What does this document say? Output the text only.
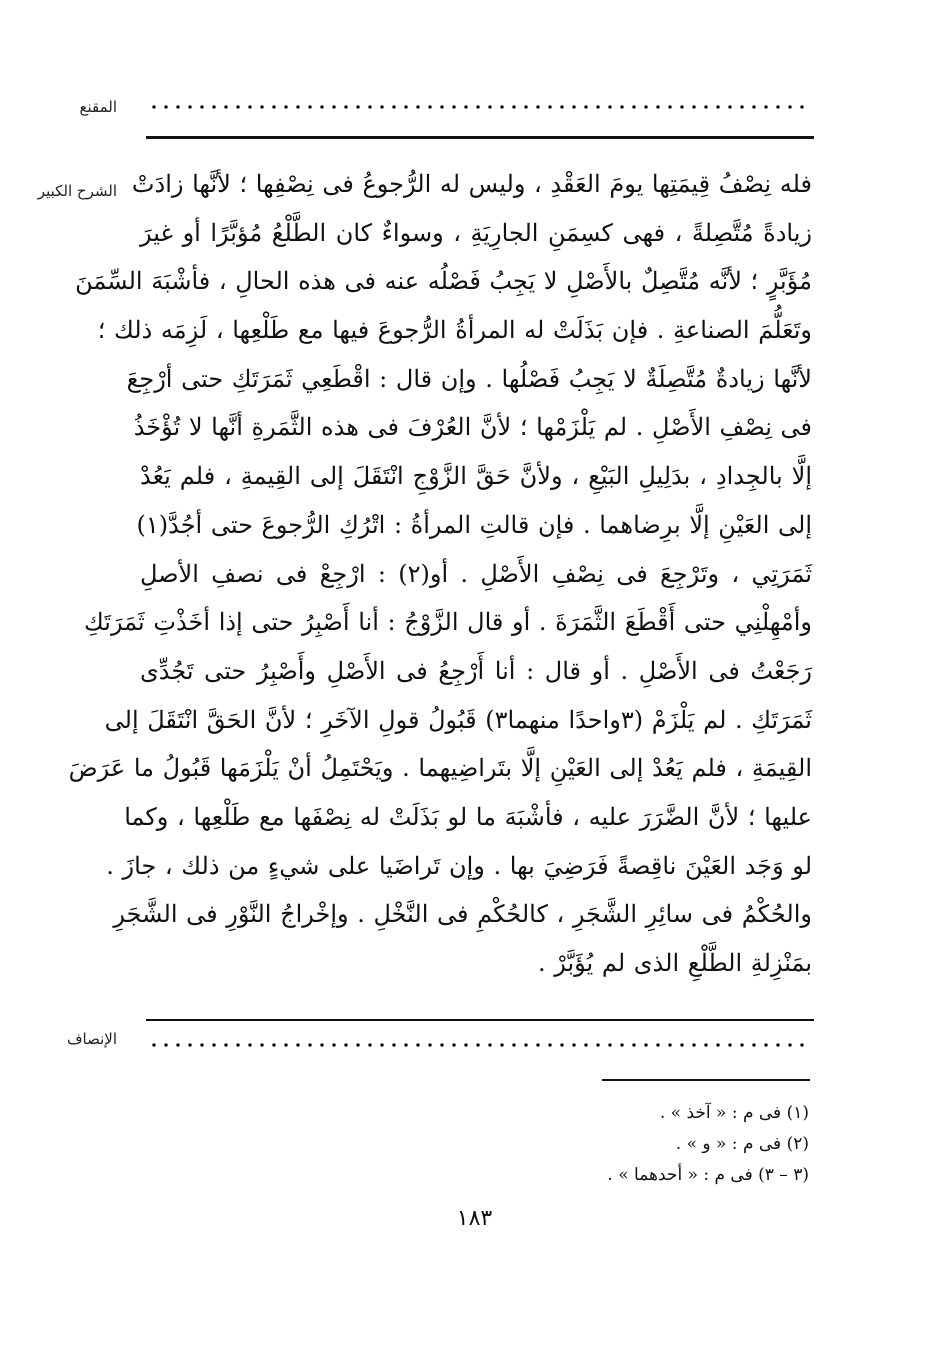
المقنع
الشرح الكبير فله نِصْفُ قِيمَتِها يومَ العَقْدِ ، وليس له الرُّجوعُ فى نِصْفِها ؛ لأنَّها زادَتْ
زيادةً مُتَّصِلةً ، فهى كسِمَنِ الجارِيَةِ ، وسواءٌ كان الطَّلْعُ مُؤبَّرًا أو غيرَ
مُؤَبَّرٍ ؛ لأنَّه مُتَّصِلٌ بالأَصْلِ لا يَجِبُ فَصْلُه عنه فى هذه الحالِ ، فأشْبَهَ السِّمَنَ
وتَعَلُّمَ الصناعةِ . فإن بَذَلَتْ له المرأةُ الرُّجوعَ فيها مع طَلْعِها ، لَزِمَه ذلك ؛
لأنَّها زيادةٌ مُتَّصِلَةٌ لا يَجِبُ فَصْلُها . وإن قال : اقْطَعِي ثَمَرَتَكِ حتى أرْجِعَ
فى نِصْفِ الأَصْلِ . لم يَلْزَمْها ؛ لأنَّ العُرْفَ فى هذه الثَّمَرةِ أنَّها لا تُؤْخَذُ
إلَّا بالجِدادِ ، بدَلِيلِ البَيْعِ ، ولأنَّ حَقَّ الزَّوْجِ انْتَقَلَ إلى القِيمةِ ، فلم يَعُدْ
إلى العَيْنِ إلَّا برِضاهما . فإن قالتِ المرأةُ : اتْرُكِ الرُّجوعَ حتى أجُدَّ(١)
ثَمَرَتِي ، وتَرْجِعَ فى نِصْفِ الأَصْلِ . أو(٢) : ارْجِعْ فى نصفِ الأصلِ
وأمْهِلْنِي حتى أَقْطَعَ الثَّمَرَةَ . أو قال الزَّوْجُ : أنا أَصْبِرُ حتى إذا أخَذْتِ ثَمَرَتَكِ
رَجَعْتُ فى الأَصْلِ . أو قال : أنا أَرْجِعُ فى الأَصْلِ وأَصْبِرُ حتى تَجُدِّى
ثَمَرَتَكِ . لم يَلْزَمْ (٣واحدًا منهما٣) قَبُولُ قولِ الآخَرِ ؛ لأنَّ الحَقَّ انْتَقَلَ إلى
القِيمَةِ ، فلم يَعُدْ إلى العَيْنِ إلَّا بتَراضِيهما . ويَحْتَمِلُ أنْ يَلْزَمَها قَبُولُ ما عَرَضَ
عليها ؛ لأنَّ الضَّرَرَ عليه ، فأشْبَهَ ما لو بَذَلَتْ له نِصْفَها مع طَلْعِها ، وكما
لو وَجَد العَيْنَ ناقِصةً فَرَضِيَ بها . وإن تَراضَيا على شيءٍ من ذلك ، جازَ .
والحُكْمُ فى سائِرِ الشَّجَرِ ، كالحُكْمِ فى النَّخْلِ . وإخْراجُ النَّوْرِ فى الشَّجَرِ
بمَنْزِلةِ الطَّلْعِ الذى لم يُؤَبَّرْ .
الإنصاف
(١) فى م : « آخذ » .
(٢) فى م : « و » .
(٣ – ٣) فى م : « أحدهما » .
١٨٣
